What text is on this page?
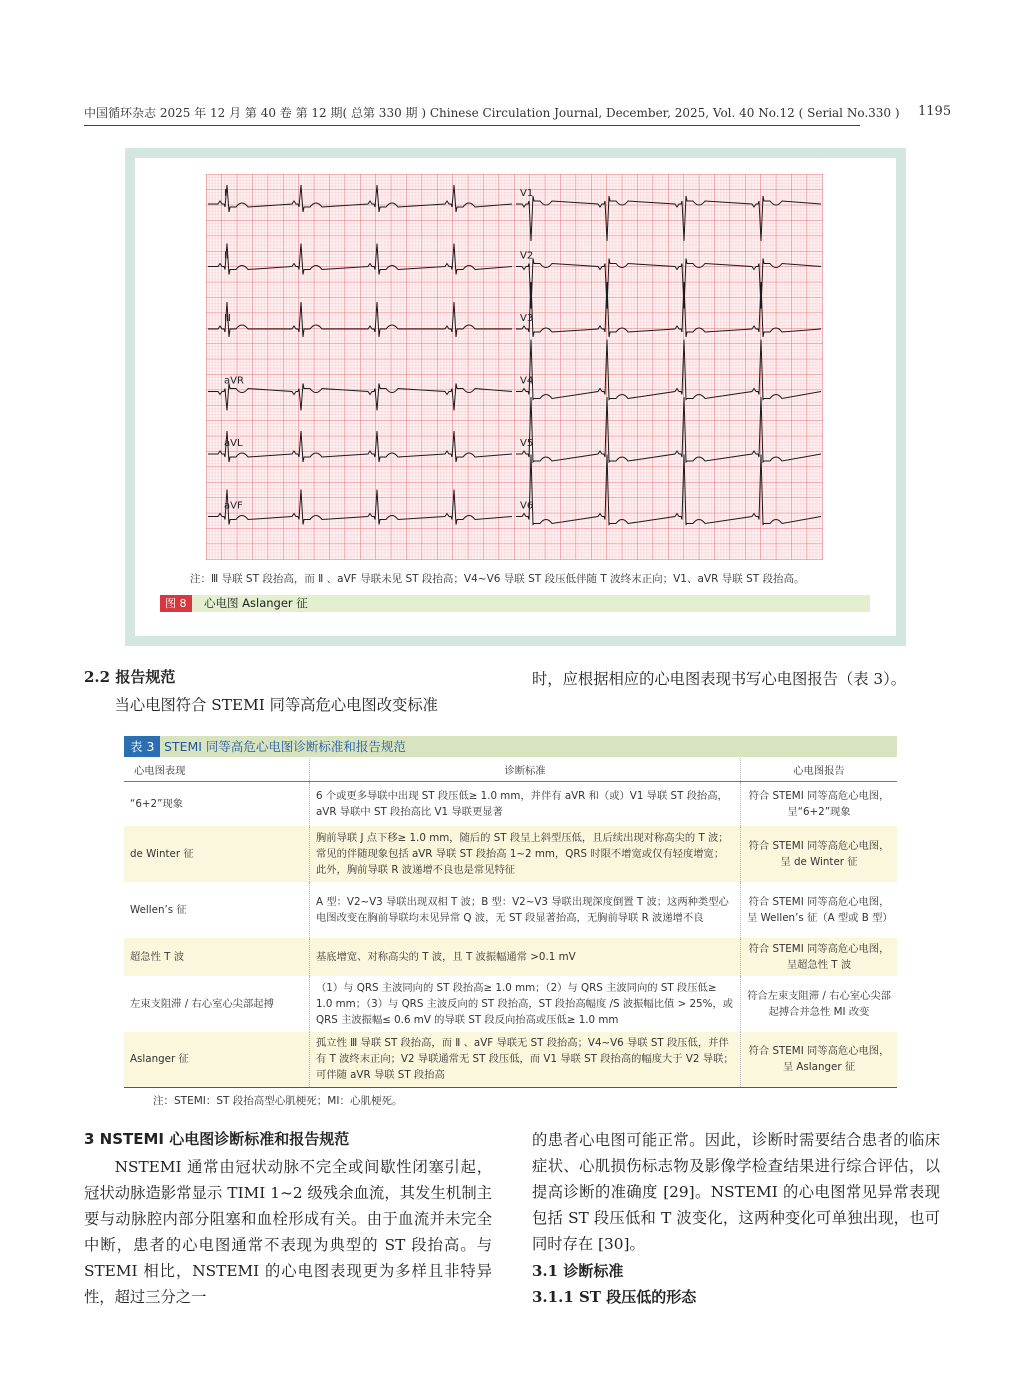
中国循环杂志 2025 年 12 月 第 40 卷 第 12 期( 总第 330 期 ) Chinese Circulation Journal, December, 2025, Vol. 40 No.12 ( Serial No.330 ) 1195
Ⅰ	V1
Ⅱ	V2
Ⅲ	V3
aVR	V4
aVL	V5
aVF	V6
注：Ⅲ 导联 ST 段抬高，而 Ⅱ 、aVF 导联未见 ST 段抬高；V4~V6 导联 ST 段压低伴随 T 波终末正向；V1、aVR 导联 ST 段抬高。
图 8	心电图 Aslanger 征
2.2 报告规范

当心电图符合 STEMI 同等高危心电图改变标准

时，应根据相应的心电图表现书写心电图报告（表 3）。

表 3 STEMI 同等高危心电图诊断标准和报告规范
心电图表现	诊断标准	心电图报告
“6+2”现象	6 个或更多导联中出现 ST 段压低≥ 1.0 mm，并伴有 aVR 和（或）V1 导联 ST 段抬高，aVR 导联中 ST 段抬高比 V1 导联更显著	符合 STEMI 同等高危心电图，呈“6+2”现象
de Winter 征	胸前导联 J 点下移≥ 1.0 mm，随后的 ST 段呈上斜型压低，且后续出现对称高尖的 T 波；常见的伴随现象包括 aVR 导联 ST 段抬高 1~2 mm，QRS 时限不增宽或仅有轻度增宽；此外，胸前导联 R 波递增不良也是常见特征	符合 STEMI 同等高危心电图，呈 de Winter 征
Wellen’s 征	A 型：V2~V3 导联出现双相 T 波；B 型：V2~V3 导联出现深度倒置 T 波；这两种类型心电图改变在胸前导联均未见异常 Q 波，无 ST 段显著抬高，无胸前导联 R 波递增不良	符合 STEMI 同等高危心电图，呈 Wellen’s 征（A 型或 B 型）
超急性 T 波	基底增宽、对称高尖的 T 波，且 T 波振幅通常 >0.1 mV	符合 STEMI 同等高危心电图，呈超急性 T 波
左束支阻滞 / 右心室心尖部起搏	（1）与 QRS 主波同向的 ST 段抬高≥ 1.0 mm；（2）与 QRS 主波同向的 ST 段压低≥ 1.0 mm；（3）与 QRS 主波反向的 ST 段抬高，ST 段抬高幅度 /S 波振幅比值 > 25%，或 QRS 主波振幅≤ 0.6 mV 的导联 ST 段反向抬高或压低≥ 1.0 mm	符合左束支阻滞 / 右心室心尖部起搏合并急性 MI 改变
Aslanger 征	孤立性 Ⅲ 导联 ST 段抬高，而 Ⅱ 、aVF 导联无 ST 段抬高；V4~V6 导联 ST 段压低，并伴有 T 波终末正向；V2 导联通常无 ST 段压低，而 V1 导联 ST 段抬高的幅度大于 V2 导联；可伴随 aVR 导联 ST 段抬高	符合 STEMI 同等高危心电图，呈 Aslanger 征
注：STEMI：ST 段抬高型心肌梗死；MI：心肌梗死。
3 NSTEMI 心电图诊断标准和报告规范

NSTEMI 通常由冠状动脉不完全或间歇性闭塞引起，冠状动脉造影常显示 TIMI 1~2 级残余血流，其发生机制主要与动脉腔内部分阻塞和血栓形成有关。由于血流并未完全中断，患者的心电图通常不表现为典型的 ST 段抬高。与 STEMI 相比，NSTEMI 的心电图表现更为多样且非特异性，超过三分之一

的患者心电图可能正常。因此，诊断时需要结合患者的临床症状、心肌损伤标志物及影像学检查结果进行综合评估，以提高诊断的准确度 [29]。NSTEMI 的心电图常见异常表现包括 ST 段压低和 T 波变化，这两种变化可单独出现，也可同时存在 [30]。

3.1 诊断标准
3.1.1 ST 段压低的形态
